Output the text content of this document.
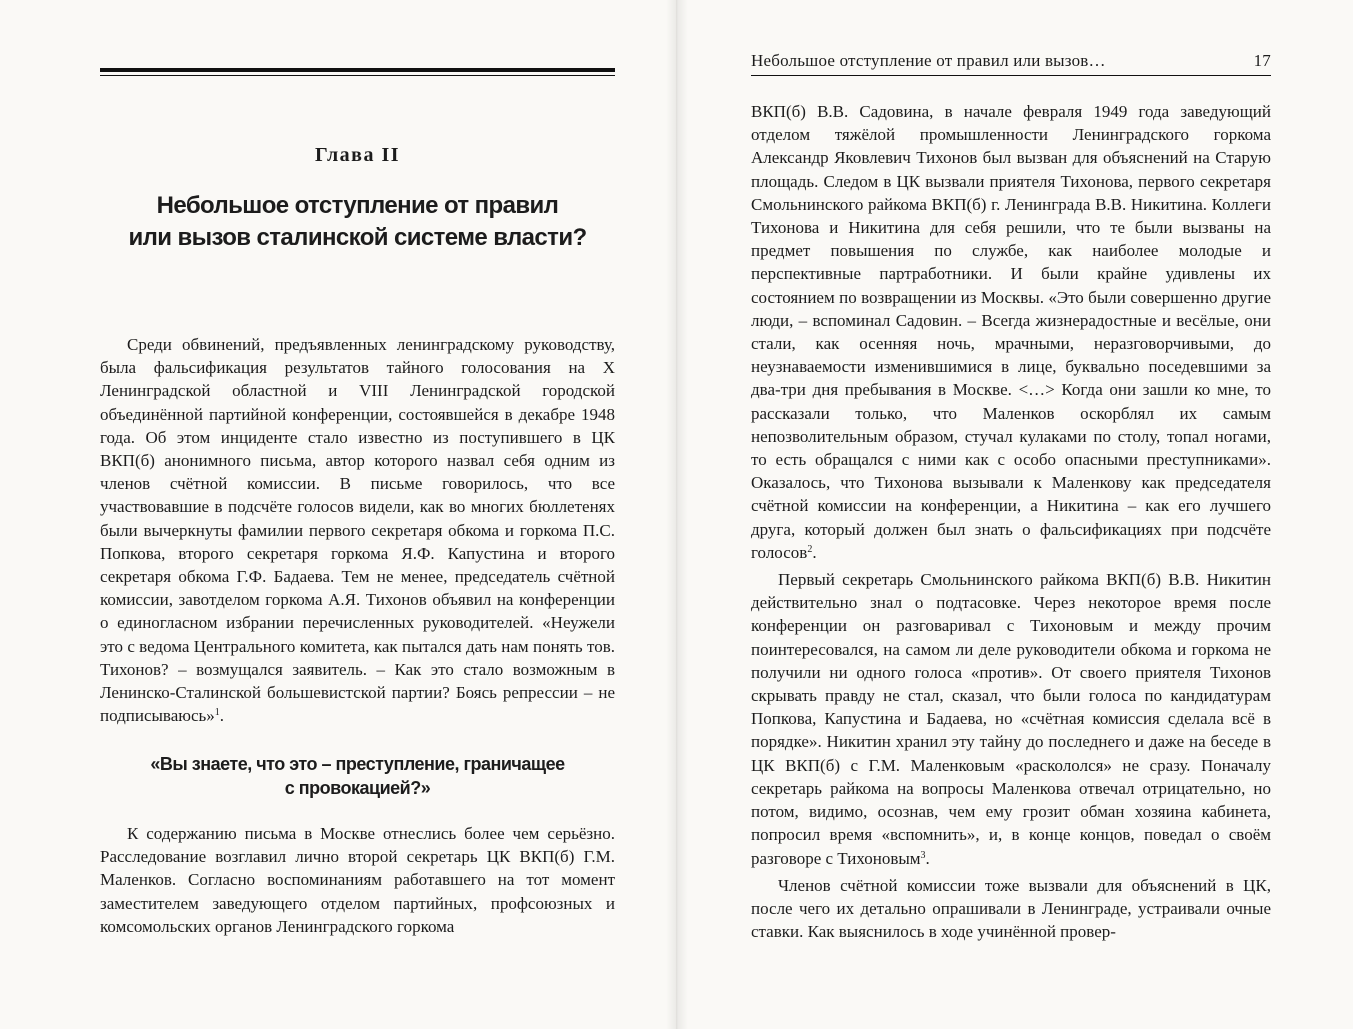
Глава II
Небольшое отступление от правил
или вызов сталинской системе власти?

Среди обвинений, предъявленных ленинградскому руководству, была фальсификация результатов тайного голосования на X Ленинградской областной и VIII Ленинградской городской объединённой партийной конференции, состоявшейся в декабре 1948 года. Об этом инциденте стало известно из поступившего в ЦК ВКП(б) анонимного письма, автор которого назвал себя одним из членов счётной комиссии. В письме говорилось, что все участвовавшие в подсчёте голосов видели, как во многих бюллетенях были вычеркнуты фамилии первого секретаря обкома и горкома П.С. Попкова, второго секретаря горкома Я.Ф. Капустина и второго секретаря обкома Г.Ф. Бадаева. Тем не менее, председатель счётной комиссии, завотделом горкома А.Я. Тихонов объявил на конференции о единогласном избрании перечисленных руководителей. «Неужели это с ведома Центрального комитета, как пытался дать нам понять тов. Тихонов? – возмущался заявитель. – Как это стало возможным в Ленинско-Сталинской большевистской партии? Боясь репрессии – не подписываюсь»$^1$.

«Вы знаете, что это – преступление, граничащее
с провокацией?»

К содержанию письма в Москве отнеслись более чем серьёзно. Расследование возглавил лично второй секретарь ЦК ВКП(б) Г.М. Маленков. Согласно воспоминаниям работавшего на тот момент заместителем заведующего отделом партийных, профсоюзных и комсомольских органов Ленинградского горкома

Небольшое отступление от правил или вызов…	17

ВКП(б) В.В. Садовина, в начале февраля 1949 года заведующий отделом тяжёлой промышленности Ленинградского горкома Александр Яковлевич Тихонов был вызван для объяснений на Старую площадь. Следом в ЦК вызвали приятеля Тихонова, первого секретаря Смольнинского райкома ВКП(б) г. Ленинграда В.В. Никитина. Коллеги Тихонова и Никитина для себя решили, что те были вызваны на предмет повышения по службе, как наиболее молодые и перспективные партработники. И были крайне удивлены их состоянием по возвращении из Москвы. «Это были совершенно другие люди, – вспоминал Садовин. – Всегда жизнерадостные и весёлые, они стали, как осенняя ночь, мрачными, неразговорчивыми, до неузнаваемости изменившимися в лице, буквально поседевшими за два-три дня пребывания в Москве. <…> Когда они зашли ко мне, то рассказали только, что Маленков оскорблял их самым непозволительным образом, стучал кулаками по столу, топал ногами, то есть обращался с ними как с особо опасными преступниками». Оказалось, что Тихонова вызывали к Маленкову как председателя счётной комиссии на конференции, а Никитина – как его лучшего друга, который должен был знать о фальсификациях при подсчёте голосов$^2$.

Первый секретарь Смольнинского райкома ВКП(б) В.В. Никитин действительно знал о подтасовке. Через некоторое время после конференции он разговаривал с Тихоновым и между прочим поинтересовался, на самом ли деле руководители обкома и горкома не получили ни одного голоса «против». От своего приятеля Тихонов скрывать правду не стал, сказал, что были голоса по кандидатурам Попкова, Капустина и Бадаева, но «счётная комиссия сделала всё в порядке». Никитин хранил эту тайну до последнего и даже на беседе в ЦК ВКП(б) с Г.М. Маленковым «раскололся» не сразу. Поначалу секретарь райкома на вопросы Маленкова отвечал отрицательно, но потом, видимо, осознав, чем ему грозит обман хозяина кабинета, попросил время «вспомнить», и, в конце концов, поведал о своём разговоре с Тихоновым$^3$.

Членов счётной комиссии тоже вызвали для объяснений в ЦК, после чего их детально опрашивали в Ленинграде, устраивали очные ставки. Как выяснилось в ходе учинённой провер-
